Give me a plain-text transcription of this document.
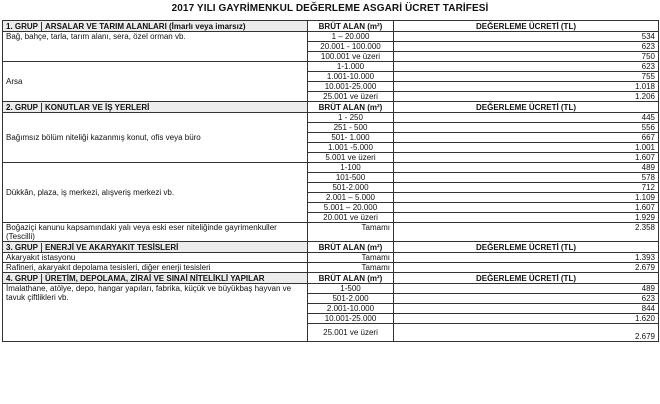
2017 YILI GAYRİMENKUL DEĞERLEME ASGARİ ÜCRET TARİFESİ
1. GRUP ARSALAR VE TARIM ALANLARI (İmarlı veya imarsız)	BRÜT ALAN (m²)	DEĞERLEME ÜCRETİ (TL)
Bağ, bahçe, tarla, tarım alanı, sera, özel orman vb.	1 – 20.000	534
	20.001 - 100.000	623
	100.001 ve üzeri	750
Arsa	1-1.000	623
	1.001-10.000	755
	10.001-25.000	1.018
	25.001 ve üzeri	1.206
2. GRUP KONUTLAR VE İŞ YERLERİ	BRÜT ALAN (m²)	DEĞERLEME ÜCRETİ (TL)
Bağımsız bölüm niteliği kazanmış konut, ofis veya büro	1 - 250	445
	251 - 500	556
	501- 1.000	667
	1.001 -5.000	1.001
	5.001 ve üzeri	1.607
Dükkân, plaza, iş merkezi, alışveriş merkezi vb.	1-100	489
	101-500	578
	501-2.000	712
	2.001 – 5.000	1.109
	5.001 – 20.000	1.607
	20.001 ve üzeri	1.929
Boğaziçi kanunu kapsamındaki yalı veya eski eser niteliğinde gayrimenkuller (Tescilli)	Tamamı	2.358
3. GRUP ENERJİ VE AKARYAKIT TESİSLERİ	BRÜT ALAN (m²)	DEĞERLEME ÜCRETİ (TL)
Akaryakıt istasyonu	Tamamı	1.393
Rafineri, akaryakıt depolama tesisleri, diğer enerji tesisleri	Tamamı	2.679
4. GRUP ÜRETİM, DEPOLAMA, ZİRAİ VE SINAİ NİTELİKLİ YAPILAR	BRÜT ALAN (m²)	DEĞERLEME ÜCRETİ (TL)
İmalathane, atölye, depo, hangar yapıları, fabrika, küçük ve büyükbaş hayvan ve tavuk çiftlikleri vb.	1-500	489
	501-2.000	623
	2.001-10.000	844
	10.001-25.000	1.620
	25.001 ve üzeri	2.679
